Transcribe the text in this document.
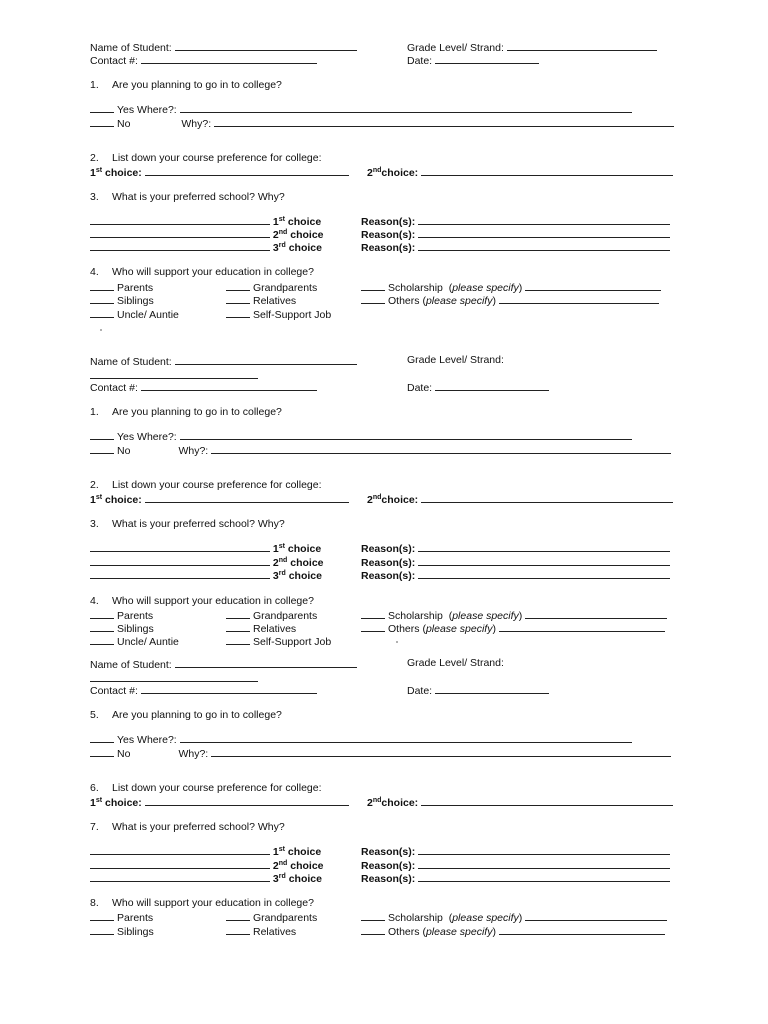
Name of Student:	Grade Level/ Strand:
Contact #:	Date:
1. Are you planning to go in to college?
Yes Where?:
No	Why?:
2. List down your course preference for college:
1st choice:	2ndchoice:
3. What is your preferred school? Why?
1st choice	Reason(s):
2nd choice	Reason(s):
3rd choice	Reason(s):
4. Who will support your education in college?
Parents	Grandparents	Scholarship (please specify)
Siblings	Relatives	Others (please specify)
Uncle/ Auntie	Self-Support Job
Name of Student:	Grade Level/ Strand:
Contact #:	Date:
1. Are you planning to go in to college?
Yes Where?:
No	Why?:
2. List down your course preference for college:
1st choice:	2ndchoice:
3. What is your preferred school? Why?
1st choice	Reason(s):
2nd choice	Reason(s):
3rd choice	Reason(s):
4. Who will support your education in college?
Parents	Grandparents	Scholarship (please specify)
Siblings	Relatives	Others (please specify)
Uncle/ Auntie	Self-Support Job
Name of Student:	Grade Level/ Strand:
Contact #:	Date:
5. Are you planning to go in to college?
Yes Where?:
No	Why?:
6. List down your course preference for college:
1st choice:	2ndchoice:
7. What is your preferred school? Why?
1st choice	Reason(s):
2nd choice	Reason(s):
3rd choice	Reason(s):
8. Who will support your education in college?
Parents	Grandparents	Scholarship (please specify)
Siblings	Relatives	Others (please specify)
